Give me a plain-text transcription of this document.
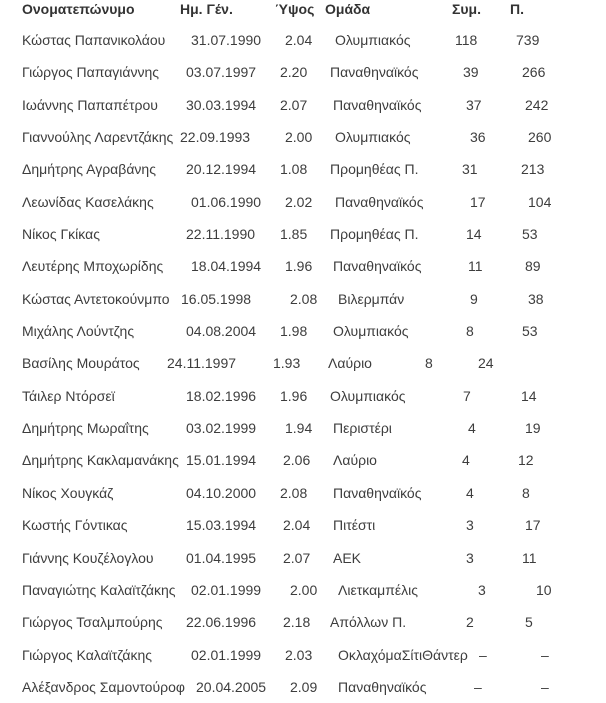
Ονοματεπώνυμο	Ημ. Γέν.	Ύψος Ομάδα	Συμ. Π.
Κώστας Παπανικολάου 31.07.1990 2.04 Ολυμπιακός	118	739
Γιώργος Παπαγιάννης 03.07.1997 2.20 Παναθηναϊκός	39	266
Ιωάννης Παπαπέτρου 30.03.1994 2.07 Παναθηναϊκός	37	242
Γιαννούλης Λαρεντζάκης 22.09.1993 2.00 Ολυμπιακός	36	260
Δημήτρης Αγραβάνης 20.12.1994 1.08 Προμηθέας Π.	31	213
Λεωνίδας Κασελάκης	01.06.1990 2.02 Παναθηναϊκός	17	104
Νίκος Γκίκας	22.11.1990 1.85 Προμηθέας Π.	14	53
Λευτέρης Μποχωρίδης 18.04.1994 1.96 Παναθηναϊκός	11	89
Κώστας Αντετοκούνμπο 16.05.1998	2.08 Βιλερμπάν	9	38
Μιχάλης Λούντζης	04.08.2004 1.98 Ολυμπιακός	8	53
Βασίλης Μουράτος 24.11.1997	1.93 Λαύριο	8	24
Τάιλερ Ντόρσεϊ	18.02.1996 1.96 Ολυμπιακός	7	14
Δημήτρης Μωραΐτης	03.02.1999 1.94 Περιστέρι	4	19
Δημήτρης Κακλαμανάκης 15.01.1994 2.06 Λαύριο	4	12
Νίκος Χουγκάζ	04.10.2000 2.08 Παναθηναϊκός	4	8
Κωστής Γόντικας	15.03.1994 2.04 Πιτέστι	3	17
Γιάννης Κουζέλογλου 01.04.1995 2.07 ΑΕΚ	3	11
Παναγιώτης Καλαϊτζάκης 02.01.1999 2.00 Λιετκαμπέλις	3	10
Γιώργος Τσαλμπούρης 22.06.1996 2.18 Απόλλων Π.	2	5
Γιώργος Καλαϊτζάκης	02.01.1999 2.03 ΟκλαχόμαΣίτιΘάντερ –	–
Αλέξανδρος Σαμοντούροφ 20.04.2005 2.09 Παναθηναϊκός	–	–
